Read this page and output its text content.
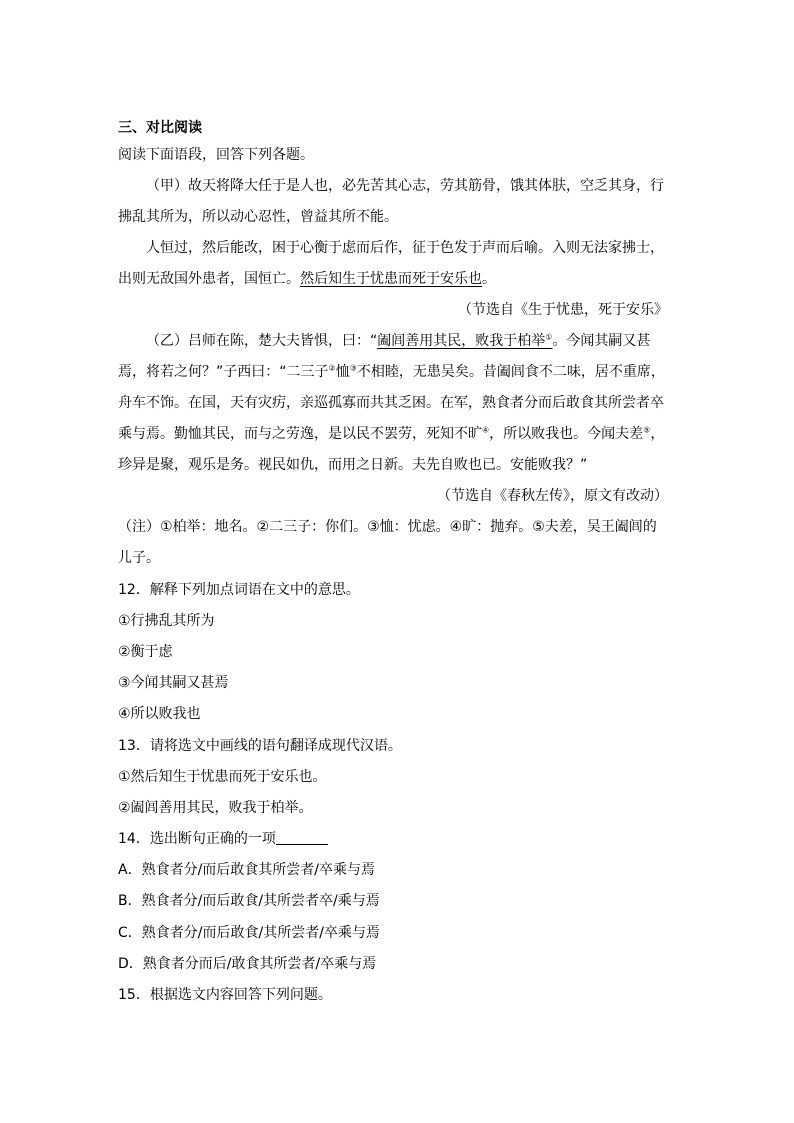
三、对比阅读
阅读下面语段，回答下列各题。
（甲）故天将降大任于是人也，必先苦其心志，劳其筋骨，饿其体肤，空乏其身，行
拂乱其所为，所以动心忍性，曾益其所不能。
人恒过，然后能改，困于心衡于虑而后作，征于色发于声而后喻。入则无法家拂士，
出则无敌国外患者，国恒亡。然后知生于忧患而死于安乐也。
（节选自《生于忧患，死于安乐》
（乙）吕师在陈，楚大夫皆惧，曰：“阖闾善用其民，败我于柏举①。今闻其嗣又甚
焉，将若之何？”子西曰：“二三子②恤③不相睦，无患吴矣。昔阖闾食不二味，居不重席，
舟车不饰。在国，天有灾疠，亲巡孤寡而共其乏困。在军，熟食者分而后敢食其所尝者卒
乘与焉。勤恤其民，而与之劳逸，是以民不罢劳，死知不旷④，所以败我也。今闻夫差⑤，
珍异是聚，观乐是务。视民如仇，而用之日新。夫先自败也已。安能败我？”
（节选自《春秋左传》，原文有改动）
（注）①柏举：地名。②二三子：你们。③恤：忧虑。④旷：抛弃。⑤夫差，吴王阖闾的
儿子。
12．解释下列加点词语在文中的意思。
①行拂乱其所为
②衡于虑
③今闻其嗣又甚焉
④所以败我也
13．请将选文中画线的语句翻译成现代汉语。
①然后知生于忧患而死于安乐也。
②阖闾善用其民，败我于柏举。
14．选出断句正确的一项
A．熟食者分/而后敢食其所尝者/卒乘与焉
B．熟食者分/而后敢食/其所尝者卒/乘与焉
C．熟食者分/而后敢食/其所尝者/卒乘与焉
D．熟食者分而后/敢食其所尝者/卒乘与焉
15．根据选文内容回答下列问题。
